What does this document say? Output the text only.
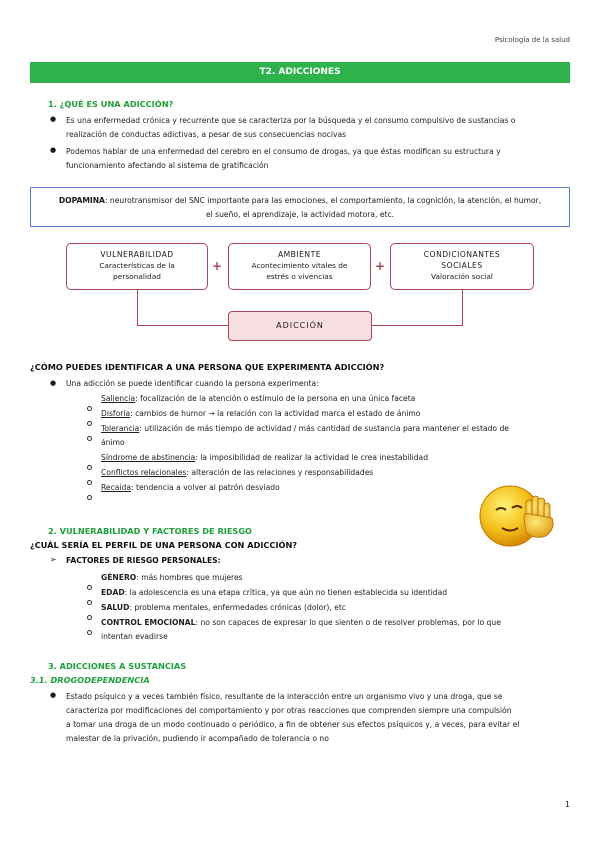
Psicología de la salud
T2. ADICCIONES
1. ¿QUÉ ES UNA ADICCIÓN?
● Es una enfermedad crónica y recurrente que se caracteriza por la búsqueda y el consumo compulsivo de sustancias o
realización de conductas adictivas, a pesar de sus consecuencias nocivas
● Podemos hablar de una enfermedad del cerebro en el consumo de drogas, ya que éstas modifican su estructura y
funcionamiento afectando al sistema de gratificación
DOPAMINA: neurotransmisor del SNC importante para las emociones, el comportamiento, la cognición, la atención, el humor,
el sueño, el aprendizaje, la actividad motora, etc.
VULNERABILIDAD
Características de la
personalidad
+
AMBIENTE
Acontecimiento vitales de
estrés o vivencias
+
CONDICIONANTES
SOCIALES
Valoración social
ADICCIÓN
¿CÓMO PUEDES IDENTIFICAR A UNA PERSONA QUE EXPERIMENTA ADICCIÓN?
● Una adicción se puede identificar cuando la persona experimenta:
Saliencia: focalización de la atención o estímulo de la persona en una única faceta
Disforia: cambios de humor → la relación con la actividad marca el estado de ánimo
Tolerancia: utilización de más tiempo de actividad / más cantidad de sustancia para mantener el estado de
ánimo
Síndrome de abstinencia: la imposibilidad de realizar la actividad le crea inestabilidad
Conflictos relacionales: alteración de las relaciones y responsabilidades
Recaída: tendencia a volver al patrón desviado
2. VULNERABILIDAD Y FACTORES DE RIESGO
¿CUÁL SERÍA EL PERFIL DE UNA PERSONA CON ADICCIÓN?
➢ FACTORES DE RIESGO PERSONALES:
GÉNERO: más hombres que mujeres
EDAD: la adolescencia es una etapa crítica, ya que aún no tienen establecida su identidad
SALUD: problema mentales, enfermedades crónicas (dolor), etc
CONTROL EMOCIONAL: no son capaces de expresar lo que sienten o de resolver problemas, por lo que
intentan evadirse
3. ADICCIONES A SUSTANCIAS
3.1. DROGODEPENDENCIA
● Estado psíquico y a veces también físico, resultante de la interacción entre un organismo vivo y una droga, que se
caracteriza por modificaciones del comportamiento y por otras reacciones que comprenden siempre una compulsión
a tomar una droga de un modo continuado o periódico, a fin de obtener sus efectos psíquicos y, a veces, para evitar el
malestar de la privación, pudiendo ir acompañado de tolerancia o no
1
